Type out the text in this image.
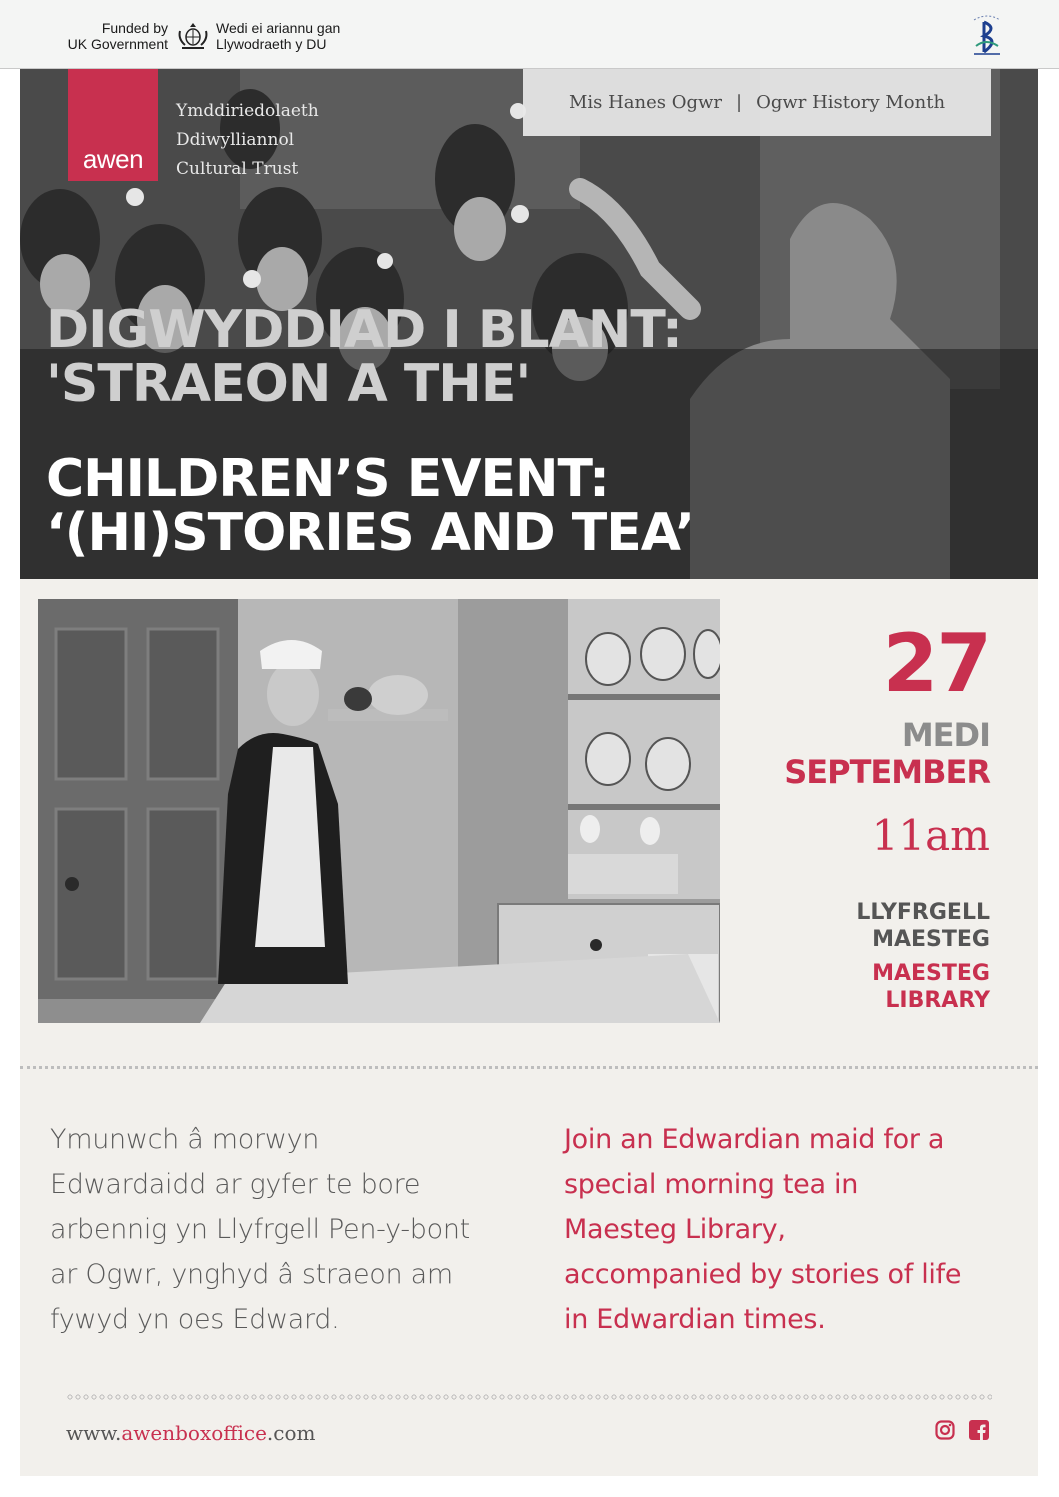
Funded by
UK Government
Wedi ei ariannu gan
Llywodraeth y DU
awen
Ymddiriedolaeth
Ddiwylliannol
Cultural Trust
Mis Hanes Ogwr | Ogwr History Month
DIGWYDDIAD I BLANT:
'STRAEON A THE'
CHILDREN’S EVENT:
‘(HI)STORIES AND TEA’
27
MEDI
SEPTEMBER
11am
LLYFRGELL
MAESTEG
MAESTEG
LIBRARY
Ymunwch â morwyn
Edwardaidd ar gyfer te bore
arbennig yn Llyfrgell Pen-y-bont
ar Ogwr, ynghyd â straeon am
fywyd yn oes Edward.
Join an Edwardian maid for a
special morning tea in
Maesteg Library,
accompanied by stories of life
in Edwardian times.
www.awenboxoffice.com
